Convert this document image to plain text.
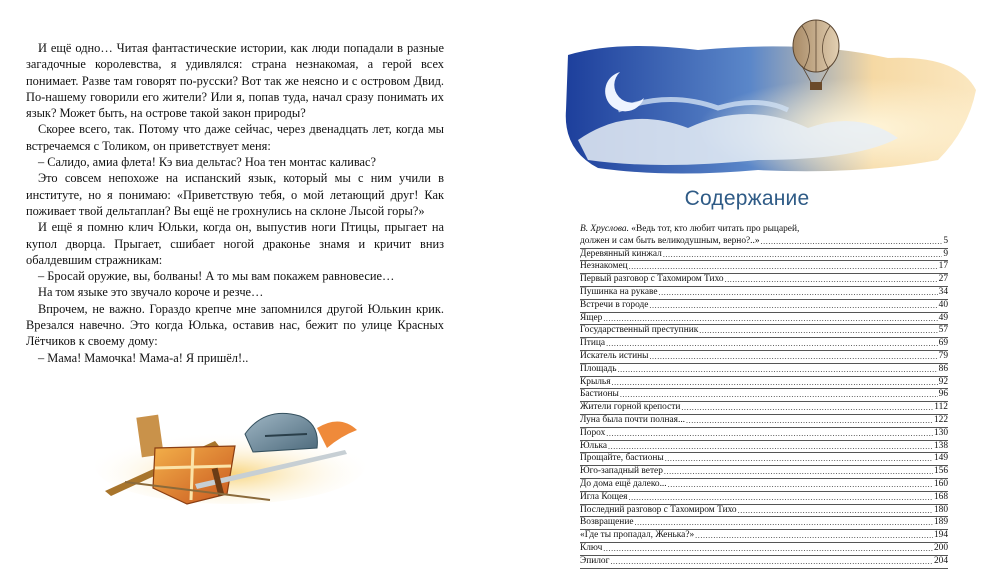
И ещё одно… Читая фантастические истории, как люди попадали в разные загадочные королевства, я удивлялся: страна незнакомая, а герой всех понимает. Разве там говорят по-русски? Вот так же неясно и с островом Двид. По-нашему говорили его жители? Или я, попав туда, начал сразу понимать их язык? Может быть, на острове такой закон природы?

Скорее всего, так. Потому что даже сейчас, через двенадцать лет, когда мы встречаемся с Толиком, он приветствует меня:

– Салидо, амиа флета! Кэ виа дельтас? Ноа тен монтас каливас?

Это совсем непохоже на испанский язык, который мы с ним учили в институте, но я понимаю: «Приветствую тебя, о мой летающий друг! Как поживает твой дельтаплан? Вы ещё не грохнулись на склоне Лысой горы?»

И ещё я помню клич Юльки, когда он, выпустив ноги Птицы, прыгает на купол дворца. Прыгает, сшибает ногой драконье знамя и кричит вниз обалдевшим стражникам:

– Бросай оружие, вы, болваны! А то мы вам покажем равновесие…

На том языке это звучало короче и резче…

Впрочем, не важно. Гораздо крепче мне запомнился другой Юлькин крик. Врезался навечно. Это когда Юлька, оставив нас, бежит по улице Красных Лётчиков к своему дому:

– Мама! Мамочка! Мама-а! Я пришёл!..

Содержание
В. Хруслова. «Ведь тот, кто любит читать про рыцарей,
должен и сам быть великодушным, верно?..» .....	5
Деревянный кинжал .....	9
Незнакомец .....	17
Первый разговор с Тахомиром Тихо .....	27
Пушинка на рукаве .....	34
Встречи в городе .....	40
Ящер .....	49
Государственный преступник .....	57
Птица .....	69
Искатель истины .....	79
Площадь .....	86
Крылья .....	92
Бастионы .....	96
Жители горной крепости .....	112
Луна была почти полная... .....	122
Порох .....	130
Юлька .....	138
Прощайте, бастионы .....	149
Юго-западный ветер .....	156
До дома ещё далеко... .....	160
Игла Кощея .....	168
Последний разговор с Тахомиром Тихо .....	180
Возвращение .....	189
«Где ты пропадал, Женька?» .....	194
Ключ .....	200
Эпилог .....	204
